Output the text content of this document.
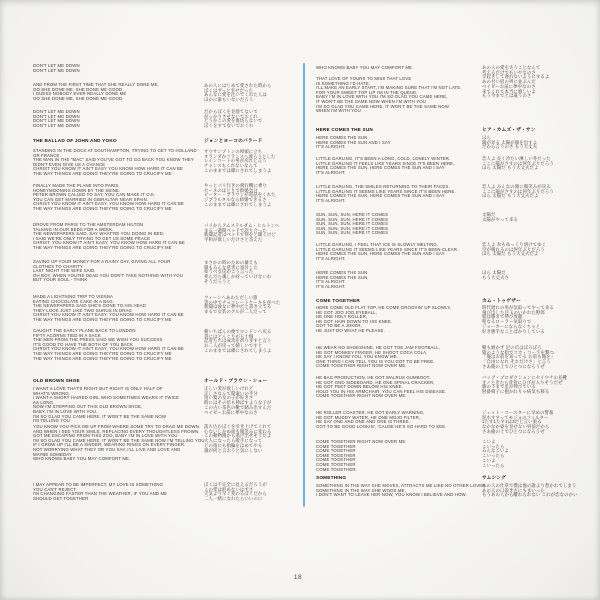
DON'T LET ME DOWN
DON'T LET ME DOWN
AND FROM THE FIRST TIME THAT SHE REALLY DONE ME,
OO SHE DONE ME, SHE DONE ME GOOD.
I GUESS NOBODY EVER REALLY DONE ME
OO SHE DONE ME, SHE DONE ME GOOD.
DON'T LET ME DOWN
DON'T LET ME DOWN
DON'T LET ME DOWN
DON'T LET ME DOWN
THE BALLAD OF JOHN AND YOKO
STANDING IN THE DOCK AT SOUTHAMPTON, TRYING TO GET TO HOLLAND
OR FRANCE.
THE MAN IN THE "MAC" SAID YOU'VE GOT TO GO BACK YOU KNOW THEY
DIDN'T EVEN GIVE US A CHANCE
CHRIST YOU KNOW IT AIN'T EASY YOU KNOW HOW HARD IT CAN BE
THE WAY THINGS ARE GOING THEY'RE GOING TO CRUCIFY ME
FINALLY MADE THE PLANE INTO PARIS,
HONEYMOONING DOWN BY THE SEINE.
PETER BROWN CALLED TO SAY, YOU CAN MAKE IT O.K.
YOU CAN GET MARRIED IN GIBRALTAR NEAR SPAIN.
CHRIST YOU KNOW IT AIN'T EASY, YOU KNOW HOW HARD IT CAN BE
THE WAY THINGS ARE GOING THEY'RE GOING TO CRUCIFY ME
DROVE FROM PARIS TO THE AMSTERDAM HILTON
TALKING IN OUR BEDS FOR A WEEK.
THE NEWSPAPERS SAID, SAY WHAT'RE YOU DOING IN BED.
I SAID WE'RE ONLY TRYING TO GET US SOME PEACE
CHRIST, YOU KNOW IT AIN'T EASY, YOU KNOW HOW HARD IT CAN BE
THE WAY THINGS ARE GOING THEY'RE GOING TO CRUCIFY ME
SAVING UP YOUR MONEY FOR A RAINY DAY, GIVING ALL YOUR
CLOTHES TO CHARITY.
LAST NIGHT THE WIFE SAID,
OH BOY, WHEN YOU'RE DEAD YOU DON'T TAKE NOTHING WITH YOU
BUT YOUR SOUL - THINK
MADE A LIGHTNING TRIP TO VIENNA
EATING CHOCOLATE CAKE IN A BAG.
THE NEWSPAPERS SAID SHE'S GONE TO HIS HEAD
THEY LOOK JUST LIKE TWO GURUS IN DRAG
CHRIST YOU KNOW IT AIN'T EASY, YOU KNOW HOW HARD IT CAN BE
THE WAY THINGS ARE GOING THEY'RE GOING TO CRUCIFY ME
CAUGHT THE EARLY PLANE BACK TO LONDON
FIFTY ACORNS TIED IN A SACK
THE MEN FROM THE PRESS SAID WE WISH YOU SUCCESS
IT'S GOOD TO HAVE THE BOTH OF YOU BACK
CHRIST YOU KNOW IT AIN'T EASY, YOU KNOW HOW HARD IT CAN BE
THE WAY THINGS ARE GOING THEY'RE GOING TO CRUCIFY ME
THE WAY THINGS ARE GOING THEY'RE GOING TO CRUCIFY ME
OLD BROWN SHOE
I WANT A LOVE THAT'S RIGHT BUT RIGHT IS ONLY HALF OF
WHAT'S WRONG.
I WANT A SHORT HAIRED GIRL WHO SOMETIMES WEARS IT TWICE
AS LONG.
NOW I'M STEPPING OUT THIS OLD BROWN SHOE,
BABY, I'M IN LOVE WITH YOU.
I'M SO GLAD YOU CAME HERE, IT WON'T BE THE SAME NOW
I'M TELLING YOU
YOU KNOW YOU PICK ME UP FROM WHERE SOME TRY TO DRAG ME DOWN.
AND WHEN I SEE YOUR SMILE, REPLACING EVERY THOUGHTLESS FROWN.
GOT ME ESCAPING FROM THIS ZOO, BABY I'M IN LOVE WITH YOU
I'M SO GLAD YOU CAME HERE, IT WON'T BE THE SAME NOW I'M TELLING YOU
IF I GROW UP I'LL BE A SINGER, WEARING RINGS ON EVERY FINGER.
NOT WORRYING WHAT THEY OR YOU SAY, I'LL LIVE AND LOVE AND
MAYBE SOMEDAY
WHO KNOWS BABY YOU MAY COMFORT ME.
I MAY APPEAR TO BE IMPERFECT, MY LOVE IS SOMETHING
YOU CAN'T REJECT.
I'M CHANGING FASTER THAN THE WEATHER, IF YOU AND ME
SHOULD GET TOGETHER
あの人にはじめて愛された時から
ぼくはずっと幸せだった
あんなに愛を注いでくれた人は
ほかに誰もいないだろう
だからぼくを見捨てないで
がっかりさせないでおくれ
どうかこの愛を裏切らないで
ぼくをすてないでおくれ
ジョンとヨーコのバラード
サウサンプトンの埠頭に立ち
オランダかフランスへ渡ろうとした
レインコートの男が戻れと言う
チャンスもくれないなんて
このままでは磔にされてしまうよ
やっとパリ行きの飛行機に乗り
セーヌのほとりで新婚気分
ピーター・ブラウンが電話をくれた
ジブラルタルなら結婚できるさ
このままでは磔にされてしまうよ
パリからアムステルダム・ヒルトンへ
まる一週間ベッドで語り合った
新聞記者はベッドで何をと聞くけど
平和が欲しいだけさと答えた
まさかの時のための蓄えも
服もみんな慈善に寄付した
ゆうべ女房がこう言った
死んだら魂しか持っていけないわ
そうだろうと
ウィーンへあわただしい旅
袋の中でチョコレートケーキを食べた
新聞は彼女に夢中だと書き立てる
まるで女装のグルが二人だって
朝いちばんの便でロンドンへ戻る
袋にはどんぐりが五十個
記者たちは成功を祈りますと言う
お二人が戻って嬉しいですと
このままでは磔にされてしまうよ
オールド・ブラウン・シュー
正しい愛が欲しいけれど
正しさなんて間違いの半分
短い髪の女の子が好きさ
時にはその倍も伸ばすような子が
この古い茶色の靴で踏み出すんだ
ベイビーお前に夢中なのさ
落ち込むぼくを引き上げてくれて
心ないしかめ面も微笑みに変わる
この動物園から逃げ出せそうだよ
大人になったら歌手になって
どの指にも指輪をはめてやる
誰が何と言おうと気にしない
ぼくは不完全に見えるだろうが
この愛は拒めないはずさ
天気より早く変わるぼくだから
二人一緒になれたらいいのに
WHO KNOWS BABY YOU MAY COMFORT ME.
THAT LOVE OF YOURS TO MISS THAT LOVE
IS SOMETHING I'D HATE.
I'LL MAKE AN EARLY START, I'M MAKING SURE THAT I'M NOT LATE.
FOR YOUR SWEET TOP LIP I'M IN THE QUEUE,
BABY I'M IN LOVE WITH YOU I'M SO GLAD YOU CAME HERE,
IT WON'T BE THE SAME NOW WHEN I'M WITH YOU
I'M SO GLAD YOU CAME HERE, IT WON'T BE THE SAME NOW
WHEN I'M WITH YOU
HERE COMES THE SUN
HERE COMES THE SUN
HERE COMES THE SUN AND I SAY
IT'S ALRIGHT.
LITTLE DARLING, IT'S BEEN A LONG, COLD, LONELY WINTER.
LITTLE DARLING IT FEELS LIKE YEARS SINCE IT'S BEEN HERE.
HERE COMES THE SUN, HERE COMES THE SUN AND I SAY
IT'S ALRIGHT.
LITTLE DARLING, THE SMILES RETURNING TO THEIR FACES.
LITTLE DARLING IT SEEMS LIKE YEARS SINCE IT'S BEEN HERE.
HERE COMES THE SUN, HERE COMES THE SUN AND I SAY
IT'S ALRIGHT.
SUN, SUN, SUN, HERE IT COMES
SUN, SUN, SUN, HERE IT COMES
SUN, SUN, SUN, HERE IT COMES
SUN, SUN, SUN, HERE IT COMES
SUN, SUN, SUN, HERE IT COMES
LITTLE DARLING, I FEEL THAT ICE IS SLOWLY MELTING.
LITTLE DARLING IT SEEMS LIKE YEARS SINCE IT'S BEEN CLEAR.
HERE COMES THE SUN, HERE COMES THE SUN AND I SAY
IT'S ALRIGHT.
HERE COMES THE SUN
HERE COMES THE SUN
IT'S ALRIGHT
IT'S ALRIGHT.
COME TOGETHER
HERE COME OLD FLAT TOP, HE COME GROOVIN' UP SLOWLY,
HE GOT JOO JOO EYEBALL,
HE ONE HOLY ROLLER,
HE GOT HAIR DOWN TO HIS KNEE.
GOT TO BE A JOKER,
HE JUST DO WHAT HE PLEASE.
HE WEAR NO SHOESHINE, HE GOT TOE JAM FOOTBALL,
HE GOT MONKEY FINGER, HE SHOOT COCA COLA,
HE SAY I KNOW YOU, YOU KNOW ME.
ONE THING I CAN TELL YOU IS YOU GOT TO BE FREE.
COME TOGETHER RIGHT NOW OVER ME.
HE BAG PRODUCTION, HE GOT WALRUS GUMBOOT,
HE GOT ONO SIDEBOARD, HE ONE SPINAL CRACKER,
HE GOT FEET DOWN BELOW HIS KNEE.
HOLD YOU IN HIS ARMCHAIR, YOU CAN FEEL HIS DISEASE.
COME TOGETHER RIGHT NOW OVER ME.
HE ROLLER COASTER, HE GOT EARLY WARNING,
HE GOT MUDDY WATER, HE ONE MOJO FILTER,
HE SAY ONE AND ONE AND ONE IS THREE.
GOT TO BE GOOD LOOKIN', 'CAUSE HE'S SO HARD TO SEE.
COME TOGETHER RIGHT NOW OVER ME.
COME TOGETHER
COME TOGETHER
COME TOGETHER
COME TOGETHER
COME TOGETHER
COME TOGETHER.
SOMETHING
SOMETHING IN THE WAY SHE MOVES, ATTRACTS ME LIKE NO OTHER LOVER.
SOMETHING IN THE WAY SHE WOOS ME.
I DON'T WANT TO LEAVE HER NOW, YOU KNOW I BELIEVE AND HOW.
あの人の愛を失うことなんて
考えるだけでもいやなのさ
早起きして遅れないようにするよ
あの甘い唇の列に並ぶんだ
ベイビーお前に夢中なのさ
来てくれて本当に嬉しいよ
もう今までとは違うのさ
ヒア・カムズ・ザ・サン
ほら
陽が昇る 太陽が顔を出すよ
だから言うのさ もう大丈夫
恋人よ 長く冷たい淋しい冬だった
ここに陽がさすのは何年ぶりだろう
ほら 太陽だ もう大丈夫だよ
恋人よ みんなの顔に微笑みが戻る
ここに陽がさすのは何年ぶりだろう
ほら 太陽だ もう大丈夫だよ
太陽だ
太陽がやって来る
恋人よ 氷もゆっくり溶けてゆく
空が晴れるのは何年ぶりだろう
ほら 太陽だ もう大丈夫だよ
ほら 太陽だ
もう大丈夫さ
カム・トゥゲザー
時代遅れの男が気取ってやって来る
飛び出した目玉のいかれた野郎
髪は膝まで伸び放題
聖なるローラー気取りで
ジョーカーにならなくちゃと
好き勝手なことばかりしている
靴も磨かず 足の爪はぼろぼろ
猿のような指でコカ・コーラを撃つ
「俺はお前を知ってる お前も俺を」
「自由になれ それだけさ」と言う
さあ俺の上でひとつになろうぜ
バッグ・プロダクションにセイウチの長靴
オノときたら背骨にひびが入りそうだぜ
膝の下まで足が伸びている
肘掛椅子に抱かれりゃ病気も移る
ジェット・コースターに早めの警報
泥水すすってモジョのフィルター
1たす1たす1は3だと言い張る
なかなか姿を見せない男前だから
さあ俺の上でひとつになろうぜ
こいよ
こいったら
みんなこいよ
こいったら
こいよ
こいったら
サムシング
あの人の仕草で僕は他の誰より惹かれてしまう
あの人の口説き方にもまいった
もうあの人から離れられない これが恋なのかい
18
